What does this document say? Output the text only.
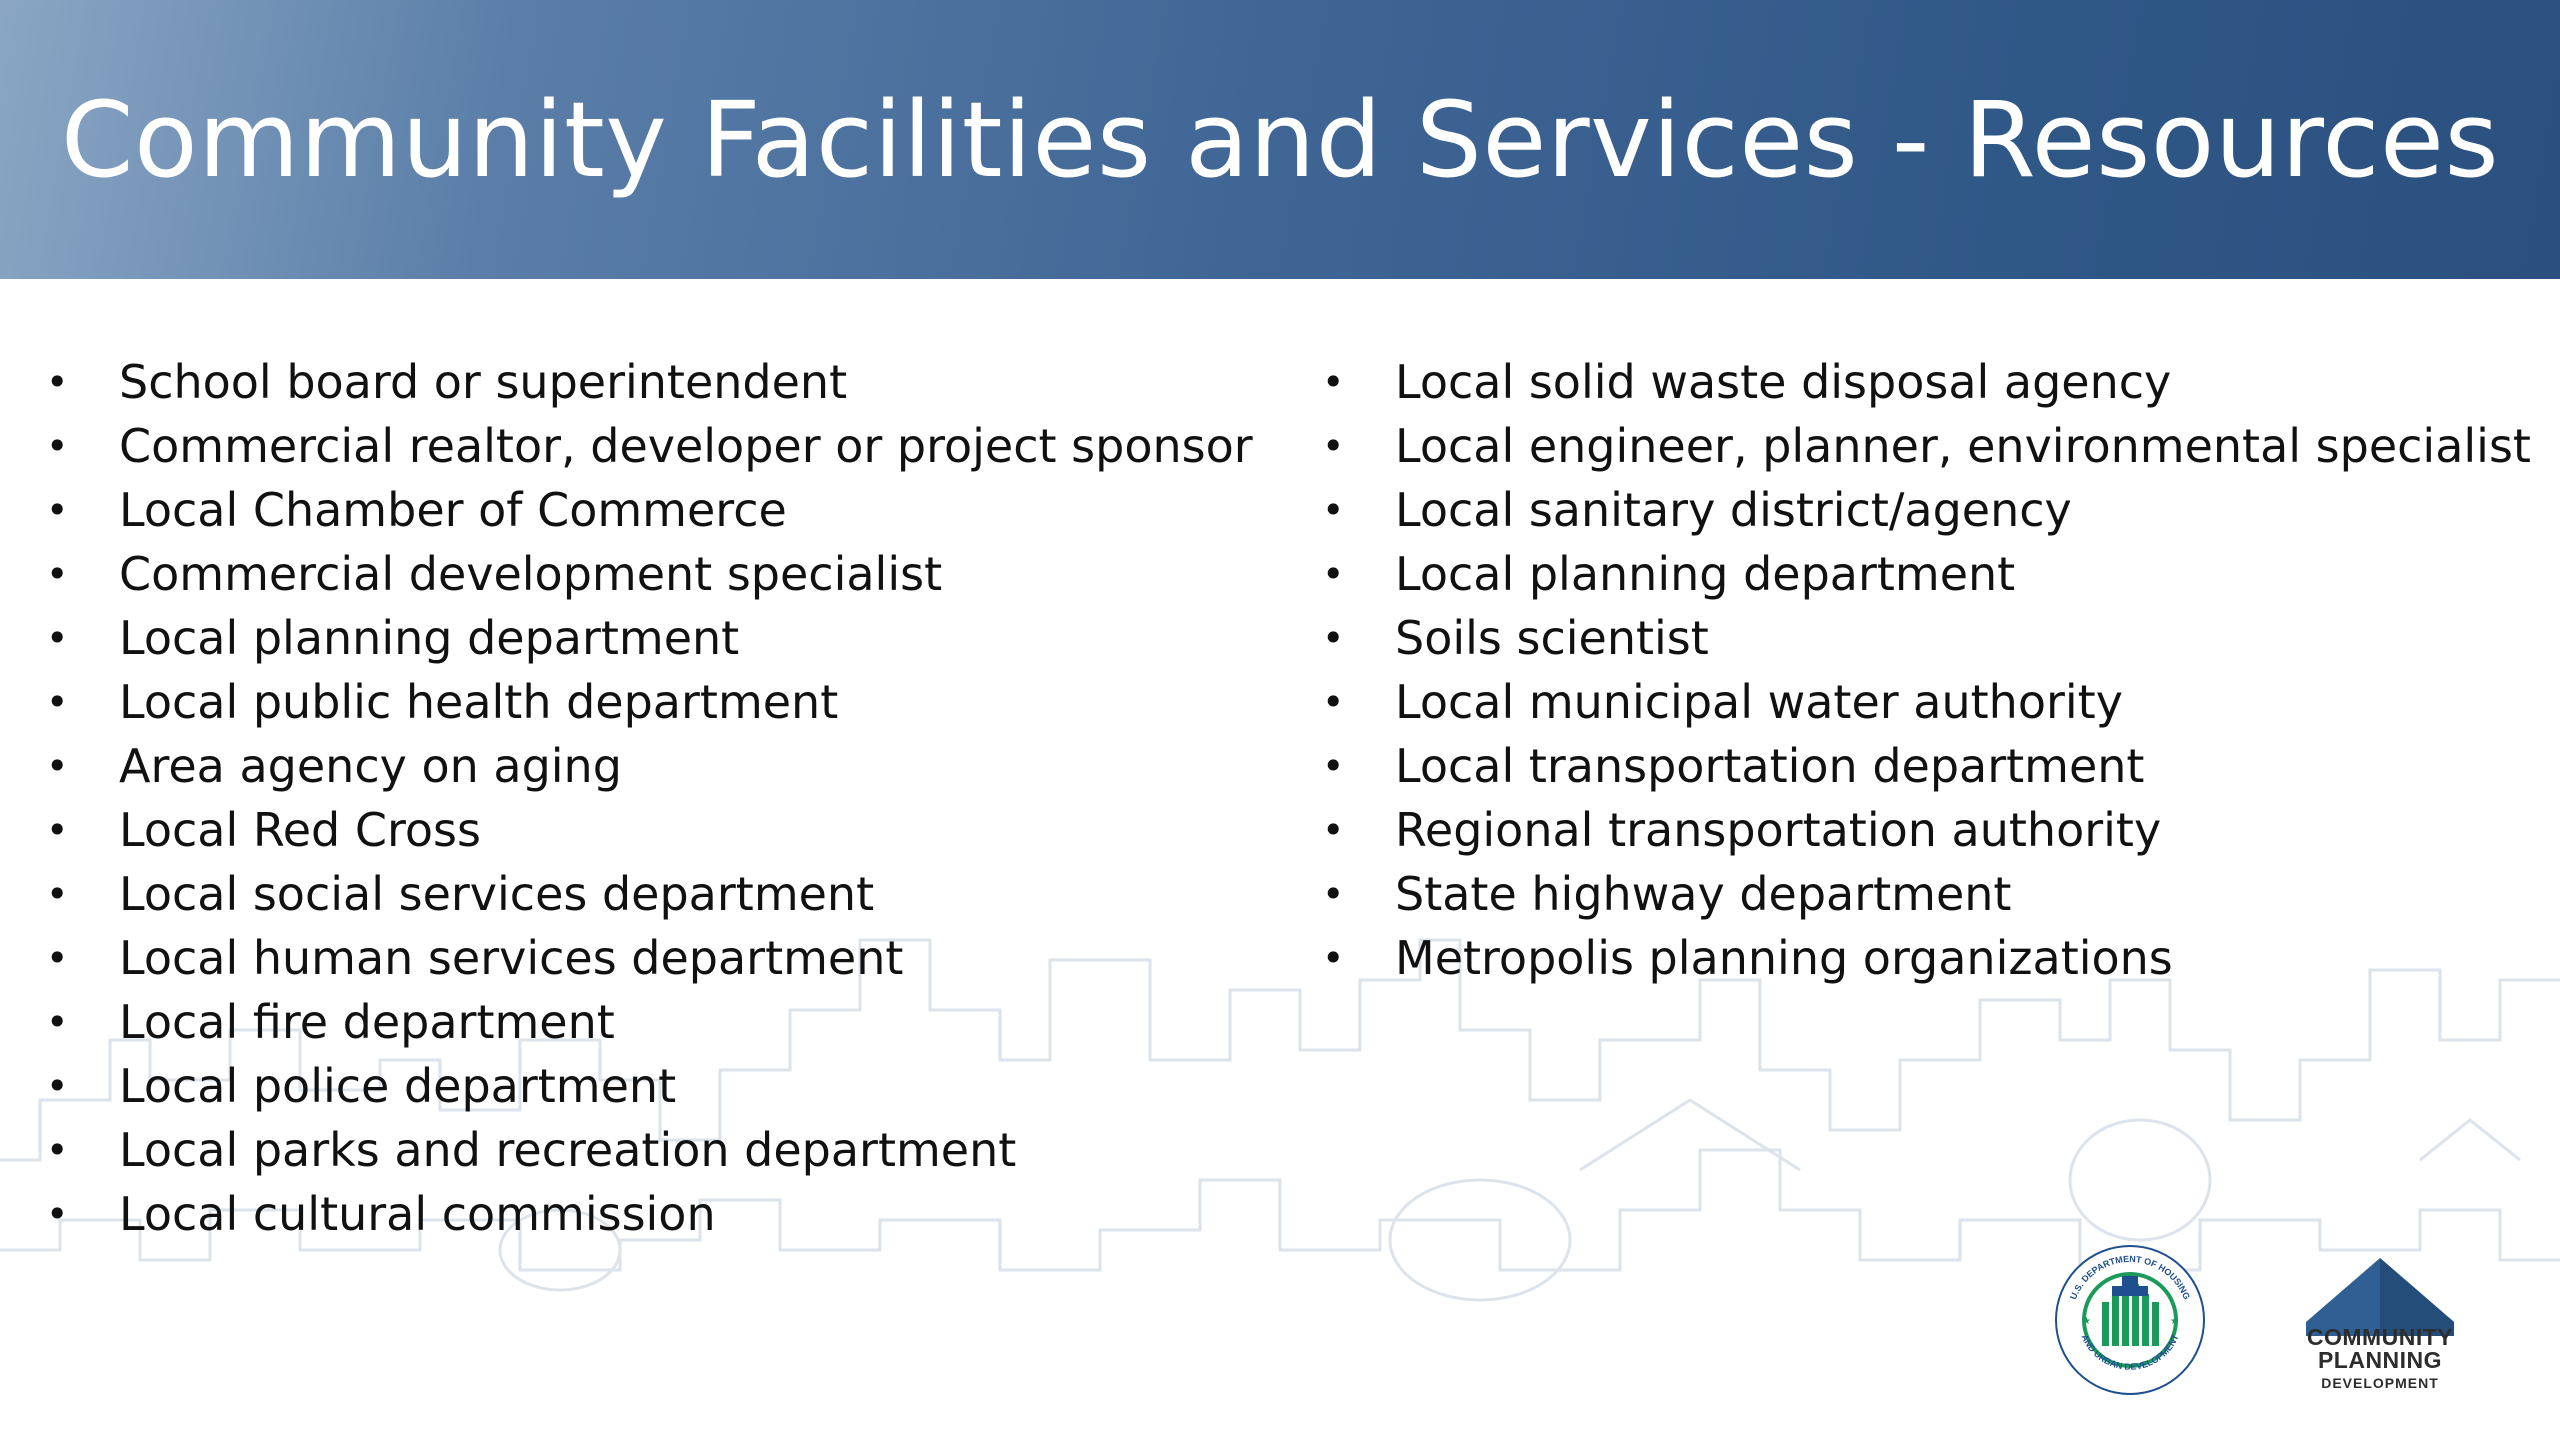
Community Facilities and Services - Resources
• School board or superintendent
• Commercial realtor, developer or project sponsor
• Local Chamber of Commerce
• Commercial development specialist
• Local planning department
• Local public health department
• Area agency on aging
• Local Red Cross
• Local social services department
• Local human services department
• Local fire department
• Local police department
• Local parks and recreation department
• Local cultural commission
• Local solid waste disposal agency
• Local engineer, planner, environmental specialist
• Local sanitary district/agency
• Local planning department
• Soils scientist
• Local municipal water authority
• Local transportation department
• Regional transportation authority
• State highway department
• Metropolis planning organizations
U.S. DEPARTMENT OF HOUSING
AND URBAN DEVELOPMENT
★	★
COMMUNITY
PLANNING
DEVELOPMENT
